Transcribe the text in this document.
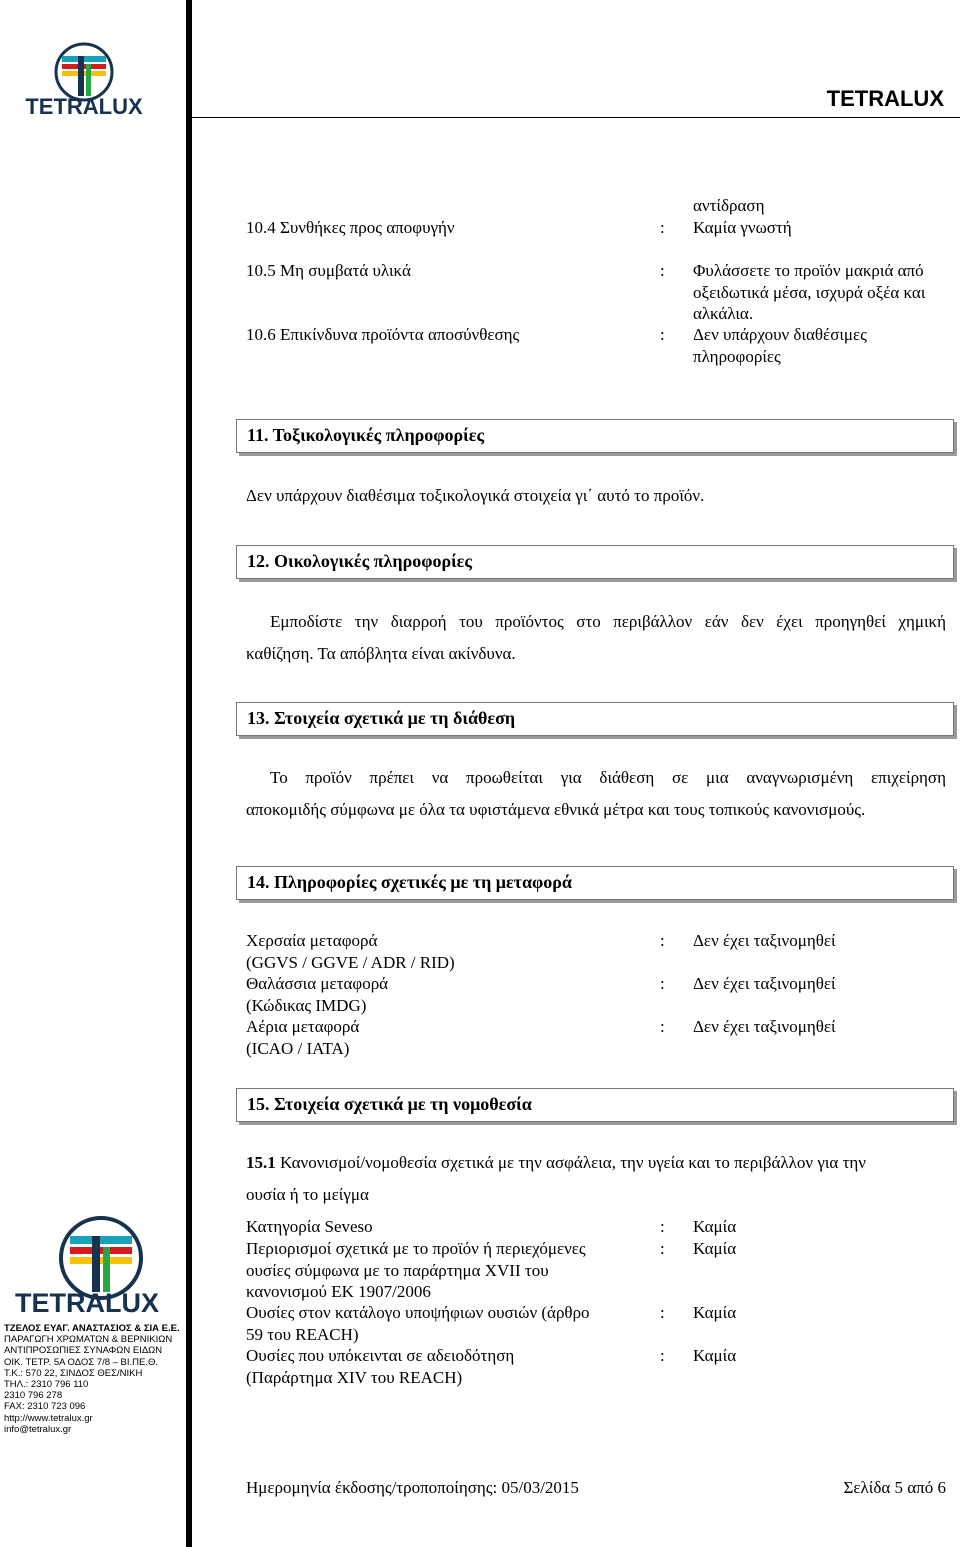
TETRALUX	TETRALUX
αντίδραση
10.4 Συνθήκες προς αποφυγήν	: Καμία γνωστή
10.5 Μη συμβατά υλικά	: Φυλάσσετε το προϊόν μακριά από
οξειδωτικά μέσα, ισχυρά οξέα και
αλκάλια.
10.6 Επικίνδυνα προϊόντα αποσύνθεσης	: Δεν υπάρχουν διαθέσιμες
πληροφορίες
11. Τοξικολογικές πληροφορίες
Δεν υπάρχουν διαθέσιμα τοξικολογικά στοιχεία γι΄ αυτό το προϊόν.
12. Οικολογικές πληροφορίες
Εμποδίστε την διαρροή του προϊόντος στο περιβάλλον εάν δεν έχει προηγηθεί χημική
καθίζηση. Τα απόβλητα είναι ακίνδυνα.
13. Στοιχεία σχετικά με τη διάθεση
Το προϊόν πρέπει να προωθείται για διάθεση σε μια αναγνωρισμένη επιχείρηση
αποκομιδής σύμφωνα με όλα τα υφιστάμενα εθνικά μέτρα και τους τοπικούς κανονισμούς.
14. Πληροφορίες σχετικές με τη μεταφορά
Χερσαία μεταφορά
(GGVS / GGVE / ADR / RID)
: Δεν έχει ταξινομηθεί
Θαλάσσια μεταφορά
(Κώδικας IMDG)
: Δεν έχει ταξινομηθεί
Αέρια μεταφορά
(ICAO / IATA)
: Δεν έχει ταξινομηθεί
15. Στοιχεία σχετικά με τη νομοθεσία
15.1 Κανονισμοί/νομοθεσία σχετικά με την ασφάλεια, την υγεία και το περιβάλλον για την
ουσία ή το μείγμα
Κατηγορία Seveso	: Καμία
Περιορισμοί σχετικά με το προϊόν ή περιεχόμενες
ουσίες σύμφωνα με το παράρτημα XVII του
κανονισμού ΕΚ 1907/2006
: Καμία
Ουσίες στον κατάλογο υποψήφιων ουσιών (άρθρο
59 του REACH)
: Καμία
Ουσίες που υπόκεινται σε αδειοδότηση
(Παράρτημα XIV του REACH)
: Καμία
TETRALUX
ΤΖΕΛΟΣ ΕΥΑΓ. ΑΝΑΣΤΑΣΙΟΣ & ΣΙΑ Ε.Ε.
ΠΑΡΑΓΩΓΗ ΧΡΩΜΑΤΩΝ & ΒΕΡΝΙΚΙΩΝ
ΑΝΤΙΠΡΟΣΩΠΙΕΣ ΣΥΝΑΦΩΝ ΕΙΔΩΝ
ΟΙΚ. ΤΕΤΡ. 5Α ΟΔΟΣ 7/8 – ΒΙ.ΠΕ.Θ.
Τ.Κ.: 570 22, ΣΙΝΔΟΣ ΘΕΣ/ΝΙΚΗ
ΤΗΛ.: 2310 796 110
2310 796 278
FAX: 2310 723 096
http://www.tetralux.gr
info@tetralux.gr
Ημερομηνία έκδοσης/τροποποίησης: 05/03/2015	Σελίδα 5 από 6
